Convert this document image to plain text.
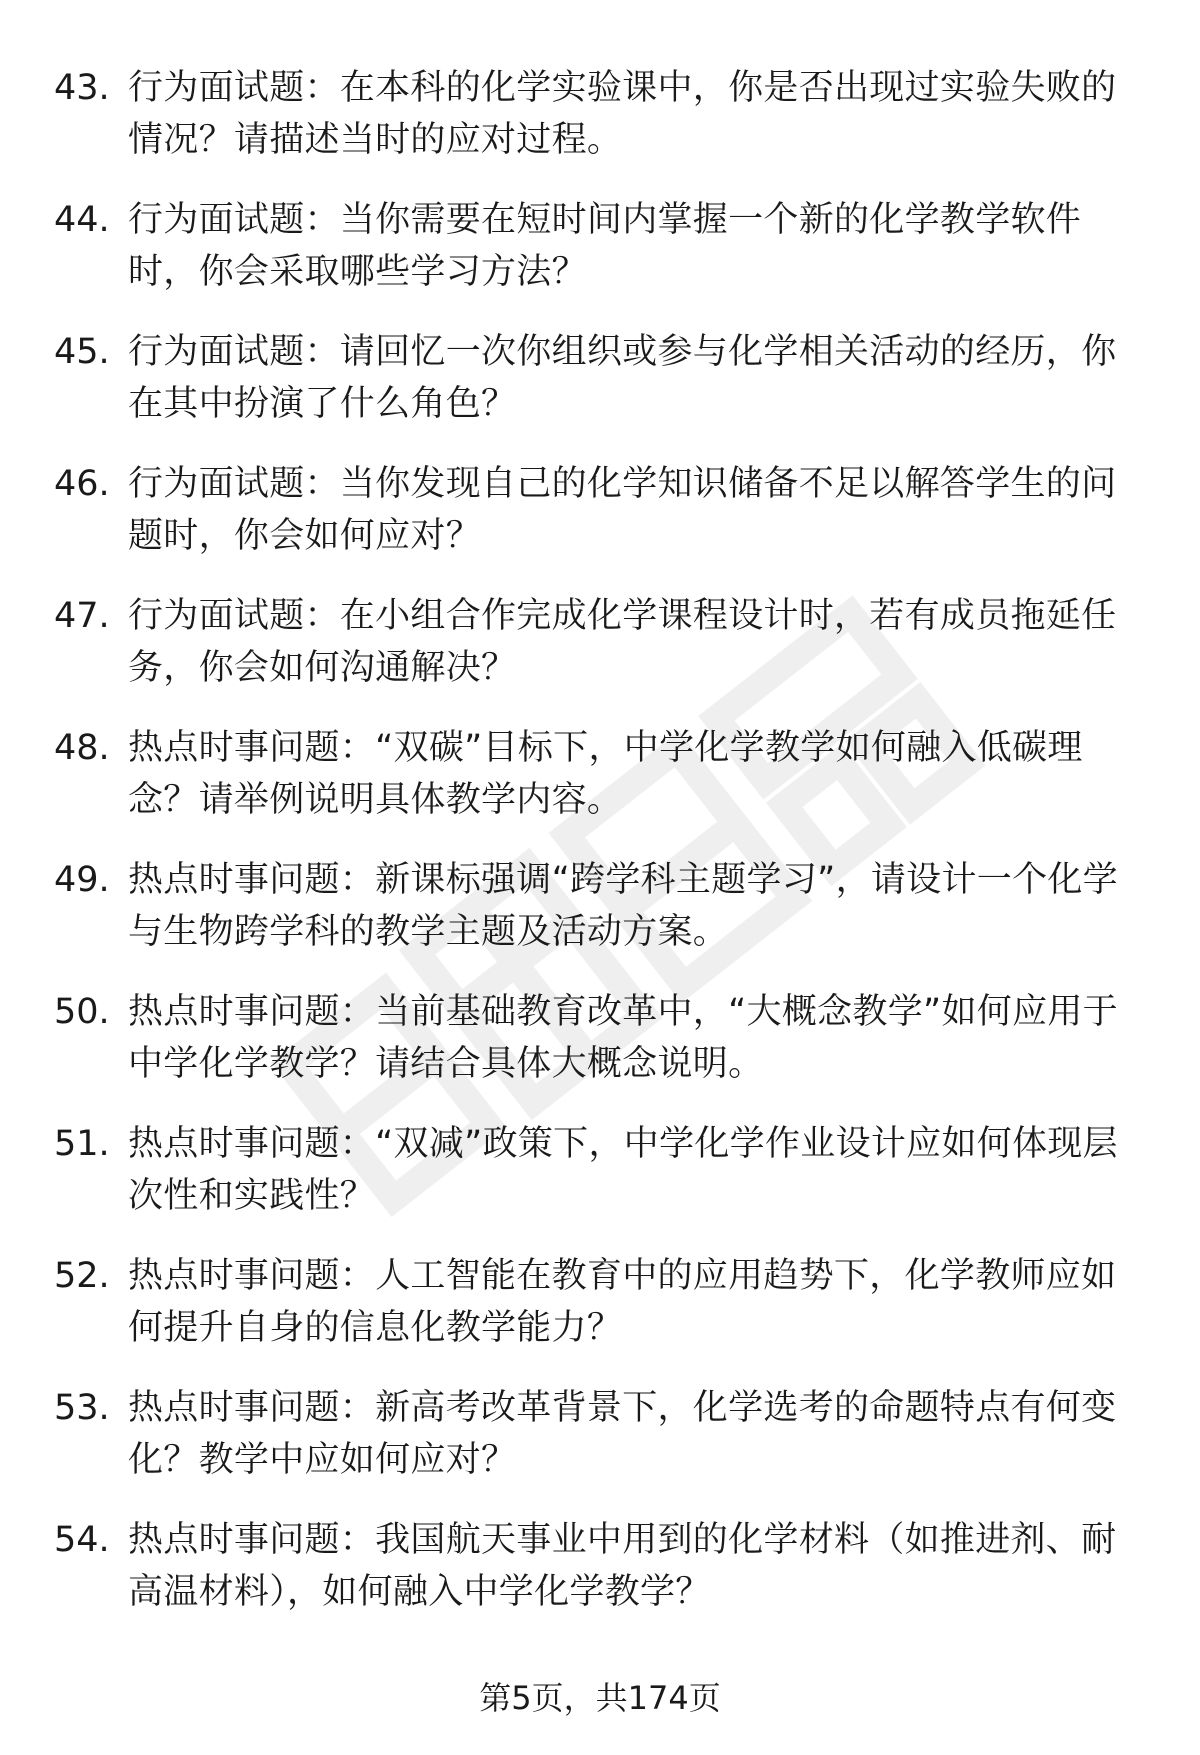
43. 行为面试题：在本科的化学实验课中，你是否出现过实验失败的情况？请描述当时的应对过程。
44. 行为面试题：当你需要在短时间内掌握一个新的化学教学软件时，你会采取哪些学习方法？
45. 行为面试题：请回忆一次你组织或参与化学相关活动的经历，你在其中扮演了什么角色？
46. 行为面试题：当你发现自己的化学知识储备不足以解答学生的问题时，你会如何应对？
47. 行为面试题：在小组合作完成化学课程设计时，若有成员拖延任务，你会如何沟通解决？
48. 热点时事问题：“双碳”目标下，中学化学教学如何融入低碳理念？请举例说明具体教学内容。
49. 热点时事问题：新课标强调“跨学科主题学习”，请设计一个化学与生物跨学科的教学主题及活动方案。
50. 热点时事问题：当前基础教育改革中，“大概念教学”如何应用于中学化学教学？请结合具体大概念说明。
51. 热点时事问题：“双减”政策下，中学化学作业设计应如何体现层次性和实践性？
52. 热点时事问题：人工智能在教育中的应用趋势下，化学教师应如何提升自身的信息化教学能力？
53. 热点时事问题：新高考改革背景下，化学选考的命题特点有何变化？教学中应如何应对？
54. 热点时事问题：我国航天事业中用到的化学材料（如推进剂、耐高温材料），如何融入中学化学教学？
第5页，共174页
